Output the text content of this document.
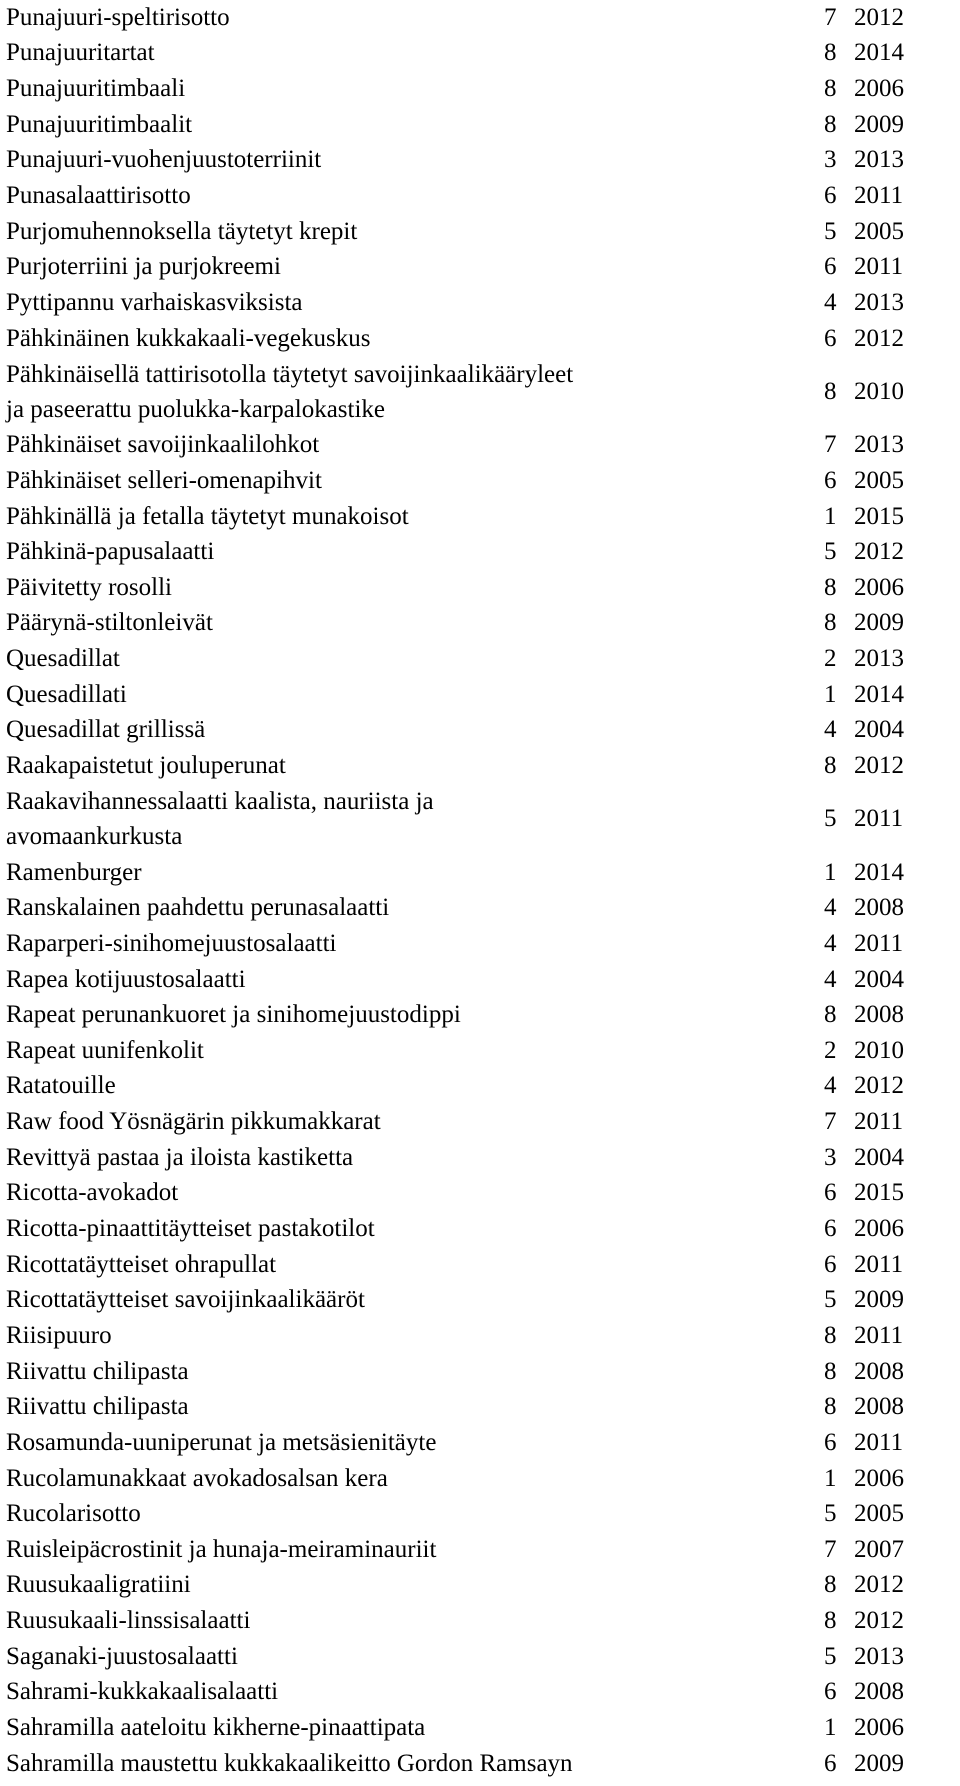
Punajuuri-speltirisotto	7	2012
Punajuuritartat	8	2014
Punajuuritimbaali	8	2006
Punajuuritimbaalit	8	2009
Punajuuri-vuohenjuustoterriinit	3	2013
Punasalaattirisotto	6	2011
Purjomuhennoksella täytetyt krepit	5	2005
Purjoterriini ja purjokreemi	6	2011
Pyttipannu varhaiskasviksista	4	2013
Pähkinäinen kukkakaali-vegekuskus	6	2012

Pähkinäisellä tattirisotolla täytetyt savoijinkaalikääryleet
ja paseerattu puolukka-karpalokastike	8	2010
Pähkinäiset savoijinkaalilohkot	7	2013
Pähkinäiset selleri-omenapihvit	6	2005
Pähkinällä ja fetalla täytetyt munakoisot	1	2015
Pähkinä-papusalaatti	5	2012
Päivitetty rosolli	8	2006
Päärynä-stiltonleivät	8	2009
Quesadillat	2	2013
Quesadillati	1	2014
Quesadillat grillissä	4	2004
Raakapaistetut jouluperunat	8	2012

Raakavihannessalaatti kaalista, nauriista ja
avomaankurkusta	5	2011
Ramenburger	1	2014
Ranskalainen paahdettu perunasalaatti	4	2008
Raparperi-sinihomejuustosalaatti	4	2011
Rapea kotijuustosalaatti	4	2004
Rapeat perunankuoret ja sinihomejuustodippi	8	2008
Rapeat uunifenkolit	2	2010
Ratatouille	4	2012
Raw food Yösnägärin pikkumakkarat	7	2011
Revittyä pastaa ja iloista kastiketta	3	2004
Ricotta-avokadot	6	2015
Ricotta-pinaattitäytteiset pastakotilot	6	2006
Ricottatäytteiset ohrapullat	6	2011
Ricottatäytteiset savoijinkaalikääröt	5	2009
Riisipuuro	8	2011
Riivattu chilipasta	8	2008
Riivattu chilipasta	8	2008
Rosamunda-uuniperunat ja metsäsienitäyte	6	2011
Rucolamunakkaat avokadosalsan kera	1	2006
Rucolarisotto	5	2005
Ruisleipäcrostinit ja hunaja-meiraminauriit	7	2007
Ruusukaaligratiini	8	2012
Ruusukaali-linssisalaatti	8	2012
Saganaki-juustosalaatti	5	2013
Sahrami-kukkakaalisalaatti	6	2008
Sahramilla aateloitu kikherne-pinaattipata	1	2006
Sahramilla maustettu kukkakaalikeitto Gordon Ramsayn	6	2009
